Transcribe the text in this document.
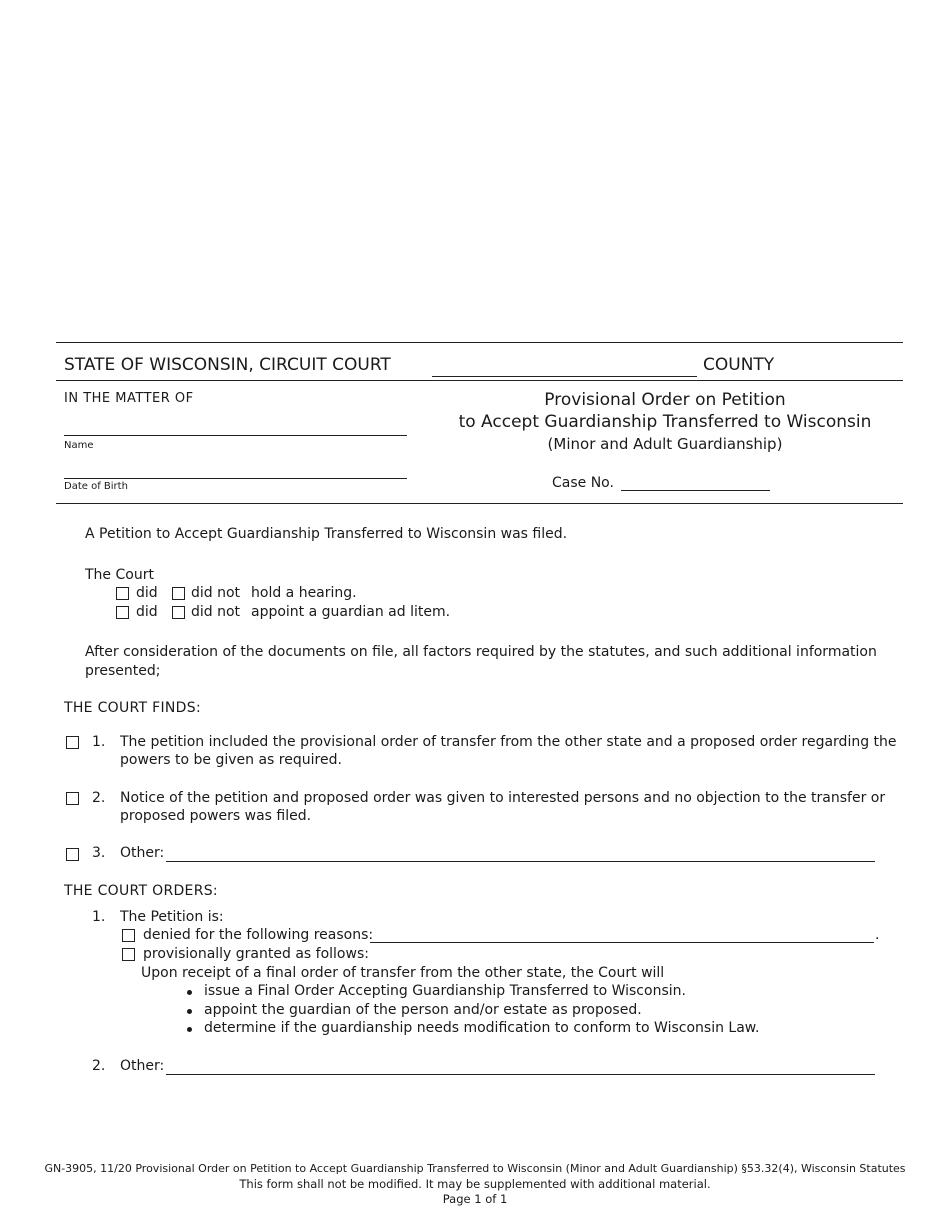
STATE OF WISCONSIN, CIRCUIT COURT	COUNTY
IN THE MATTER OF
Name
Date of Birth
Provisional Order on Petition
to Accept Guardianship Transferred to Wisconsin
(Minor and Adult Guardianship)
Case No.
A Petition to Accept Guardianship Transferred to Wisconsin was filed.
The Court
did did not hold a hearing.
did did not appoint a guardian ad litem.
After consideration of the documents on file, all factors required by the statutes, and such additional information
presented;
THE COURT FINDS:
1. The petition included the provisional order of transfer from the other state and a proposed order regarding the
powers to be given as required.
2. Notice of the petition and proposed order was given to interested persons and no objection to the transfer or
proposed powers was filed.
3. Other:
THE COURT ORDERS:
1. The Petition is:
denied for the following reasons:	.
provisionally granted as follows:
Upon receipt of a final order of transfer from the other state, the Court will
issue a Final Order Accepting Guardianship Transferred to Wisconsin.
appoint the guardian of the person and/or estate as proposed.
determine if the guardianship needs modification to conform to Wisconsin Law.
2. Other:
GN-3905, 11/20 Provisional Order on Petition to Accept Guardianship Transferred to Wisconsin (Minor and Adult Guardianship) §53.32(4), Wisconsin Statutes
This form shall not be modified. It may be supplemented with additional material.
Page 1 of 1
